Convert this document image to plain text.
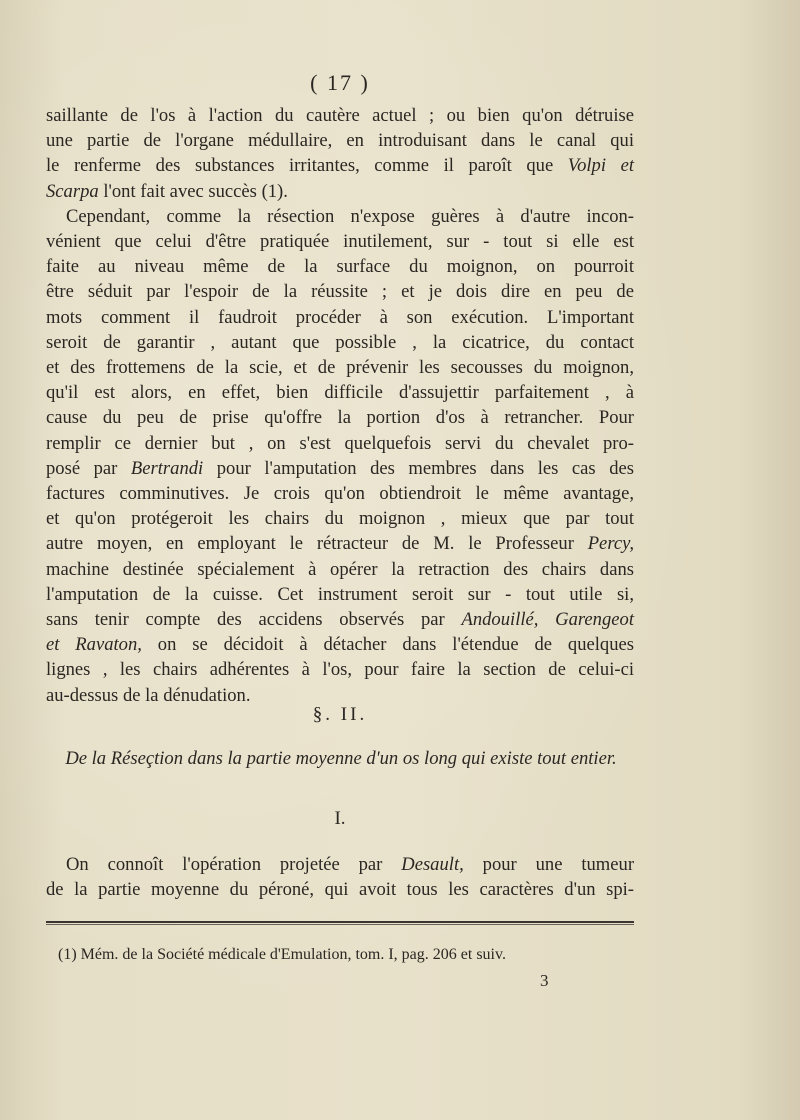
( 17 )

saillante de l'os à l'action du cautère actuel ; ou bien qu'on détruise
une partie de l'organe médullaire, en introduisant dans le canal qui
le renferme des substances irritantes, comme il paroît que Volpi et
Scarpa l'ont fait avec succès (1).

Cependant, comme la résection n'expose guères à d'autre incon-
vénient que celui d'être pratiquée inutilement, sur - tout si elle est
faite au niveau même de la surface du moignon, on pourroit
être séduit par l'espoir de la réussite ; et je dois dire en peu de
mots comment il faudroit procéder à son exécution. L'important
seroit de garantir , autant que possible , la cicatrice, du contact
et des frottemens de la scie, et de prévenir les secousses du moignon,
qu'il est alors, en effet, bien difficile d'assujettir parfaitement , à
cause du peu de prise qu'offre la portion d'os à retrancher. Pour
remplir ce dernier but , on s'est quelquefois servi du chevalet pro-
posé par Bertrandi pour l'amputation des membres dans les cas des
factures comminutives. Je crois qu'on obtiendroit le même avantage,
et qu'on protégeroit les chairs du moignon , mieux que par tout
autre moyen, en employant le rétracteur de M. le Professeur Percy,
machine destinée spécialement à opérer la retraction des chairs dans
l'amputation de la cuisse. Cet instrument seroit sur - tout utile si,
sans tenir compte des accidens observés par Andouillé, Garengeot
et Ravaton, on se décidoit à détacher dans l'étendue de quelques
lignes , les chairs adhérentes à l'os, pour faire la section de celui-ci
au-dessus de la dénudation.

§. II.
De la Réseçtion dans la partie moyenne d'un os long qui existe tout entier.
I.

On connoît l'opération projetée par Desault, pour une tumeur
de la partie moyenne du péroné, qui avoit tous les caractères d'un spi-

(1) Mém. de la Société médicale d'Emulation, tom. I, pag. 206 et suiv.
3
